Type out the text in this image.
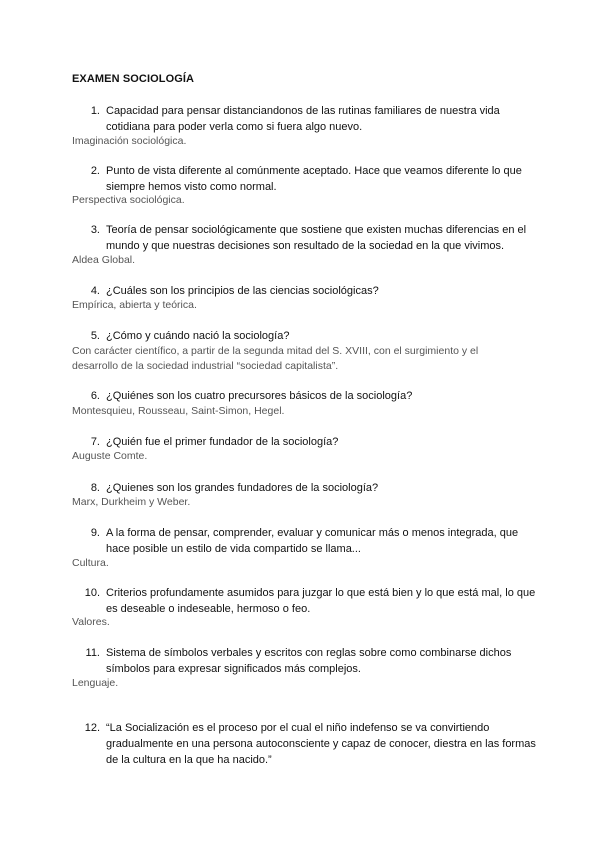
EXAMEN SOCIOLOGÍA
1. Capacidad para pensar distanciandonos de las rutinas familiares de nuestra vida cotidiana para poder verla como si fuera algo nuevo.
Imaginación sociológica.
2. Punto de vista diferente al comúnmente aceptado. Hace que veamos diferente lo que siempre hemos visto como normal.
Perspectiva sociológica.
3. Teoría de pensar sociológicamente que sostiene que existen muchas diferencias en el mundo y que nuestras decisiones son resultado de la sociedad en la que vivimos.
Aldea Global.
4. ¿Cuáles son los principios de las ciencias sociológicas?
Empírica, abierta y teórica.
5. ¿Cómo y cuándo nació la sociología?
Con carácter científico, a partir de la segunda mitad del S. XVIII, con el surgimiento y el desarrollo de la sociedad industrial “sociedad capitalista”.
6. ¿Quiénes son los cuatro precursores básicos de la sociología?
Montesquieu, Rousseau, Saint-Simon, Hegel.
7. ¿Quién fue el primer fundador de la sociología?
Auguste Comte.
8. ¿Quienes son los grandes fundadores de la sociología?
Marx, Durkheim y Weber.
9. A la forma de pensar, comprender, evaluar y comunicar más o menos integrada, que hace posible un estilo de vida compartido se llama...
Cultura.
10. Criterios profundamente asumidos para juzgar lo que está bien y lo que está mal, lo que es deseable o indeseable, hermoso o feo.
Valores.
11. Sistema de símbolos verbales y escritos con reglas sobre como combinarse dichos símbolos para expresar significados más complejos.
Lenguaje.
12. “La Socialización es el proceso por el cual el niño indefenso se va convirtiendo gradualmente en una persona autoconsciente y capaz de conocer, diestra en las formas de la cultura en la que ha nacido.”
